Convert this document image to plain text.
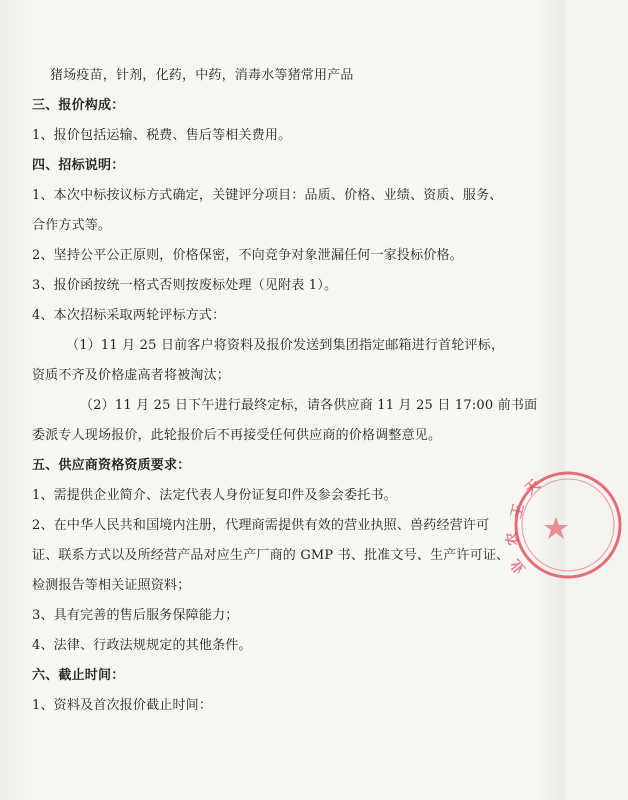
猪场疫苗，针剂，化药，中药，消毒水等猪常用产品
三、报价构成：
1、报价包括运输、税费、售后等相关费用。
四、招标说明：
1、本次中标按议标方式确定，关键评分项目：品质、价格、业绩、资质、服务、
合作方式等。
2、坚持公平公正原则，价格保密，不向竞争对象泄漏任何一家投标价格。
3、报价函按统一格式否则按废标处理（见附表 1）。
4、本次招标采取两轮评标方式：
（1）11 月 25 日前客户将资料及报价发送到集团指定邮箱进行首轮评标，
资质不齐及价格虚高者将被淘汰；
（2）11 月 25 日下午进行最终定标，请各供应商 11 月 25 日 17:00 前书面
委派专人现场报价，此轮报价后不再接受任何供应商的价格调整意见。
五、供应商资格资质要求：
1、需提供企业简介、法定代表人身份证复印件及参会委托书。
2、在中华人民共和国境内注册，代理商需提供有效的营业执照、兽药经营许可
证、联系方式以及所经营产品对应生产厂商的 GMP 书、批准文号、生产许可证、
检测报告等相关证照资料；
3、具有完善的售后服务保障能力；
4、法律、行政法规规定的其他条件。
六、截止时间：
1、资料及首次报价截止时间：
天
王
农
业
